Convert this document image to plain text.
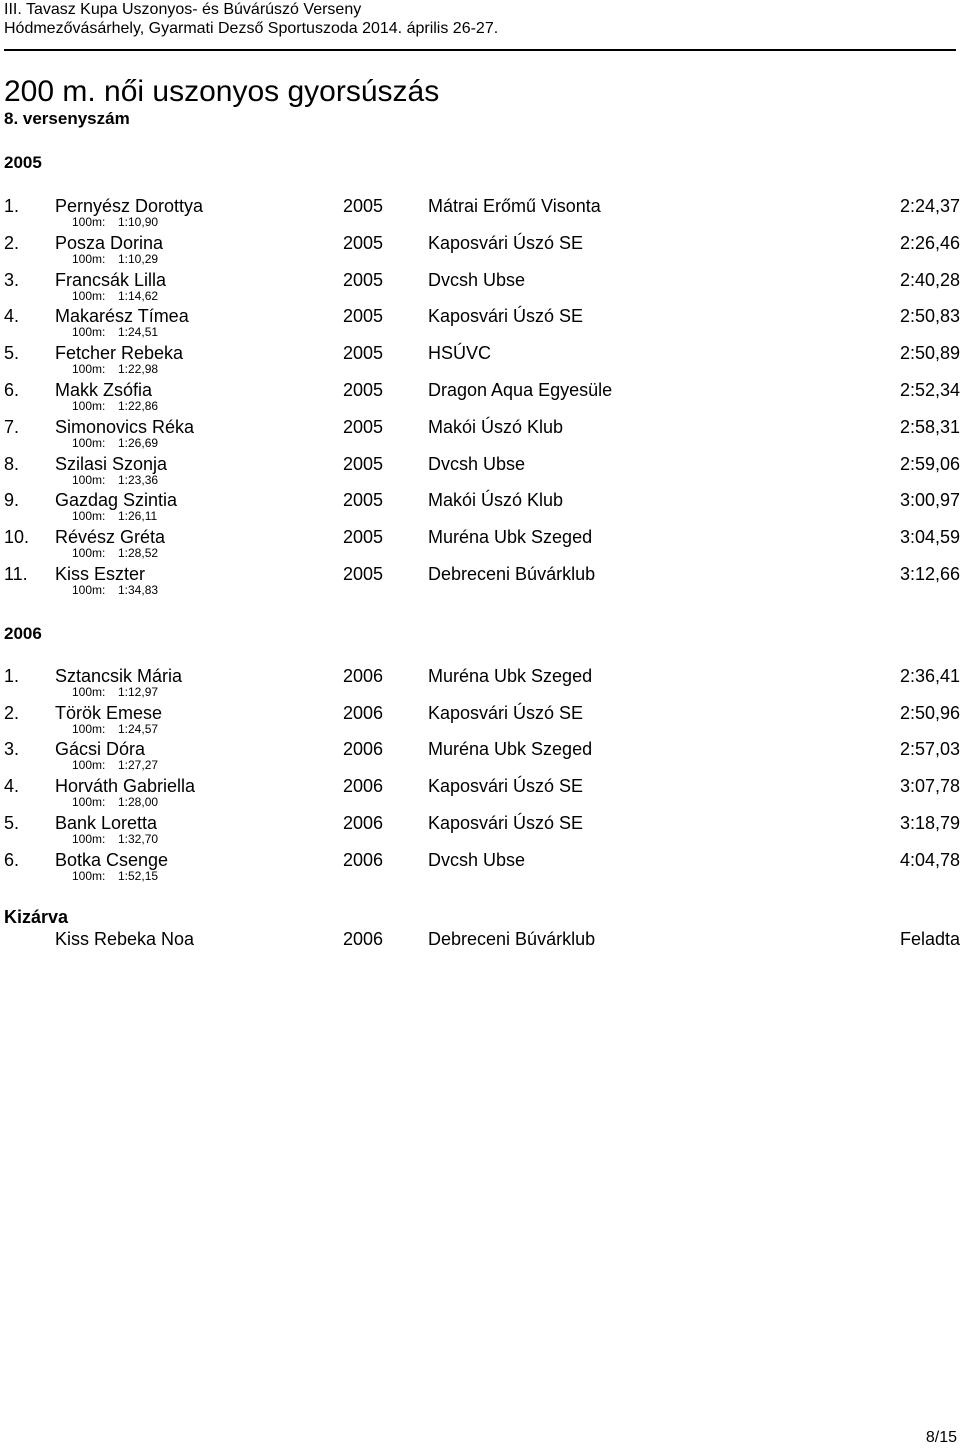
III. Tavasz Kupa Uszonyos- és Búvárúszó Verseny
Hódmezővásárhely, Gyarmati Dezső Sportuszoda 2014. április 26-27.
200 m. női uszonyos gyorsúszás
8. versenyszám
2005
1. Pernyész Dorottya	2005 Mátrai Erőmű Visonta	2:24,37
100m: 1:10,90
2. Posza Dorina	2005 Kaposvári Úszó SE	2:26,46
100m: 1:10,29
3. Francsák Lilla	2005 Dvcsh Ubse	2:40,28
100m: 1:14,62
4. Makarész Tímea	2005 Kaposvári Úszó SE	2:50,83
100m: 1:24,51
5. Fetcher Rebeka	2005 HSÚVC	2:50,89
100m: 1:22,98
6. Makk Zsófia	2005 Dragon Aqua Egyesüle	2:52,34
100m: 1:22,86
7. Simonovics Réka	2005 Makói Úszó Klub	2:58,31
100m: 1:26,69
8. Szilasi Szonja	2005 Dvcsh Ubse	2:59,06
100m: 1:23,36
9. Gazdag Szintia	2005 Makói Úszó Klub	3:00,97
100m: 1:26,11
10. Révész Gréta	2005 Muréna Ubk Szeged	3:04,59
100m: 1:28,52
11. Kiss Eszter	2005 Debreceni Búvárklub	3:12,66
100m: 1:34,83
2006
1. Sztancsik Mária	2006 Muréna Ubk Szeged	2:36,41
100m: 1:12,97
2. Török Emese	2006 Kaposvári Úszó SE	2:50,96
100m: 1:24,57
3. Gácsi Dóra	2006 Muréna Ubk Szeged	2:57,03
100m: 1:27,27
4. Horváth Gabriella	2006 Kaposvári Úszó SE	3:07,78
100m: 1:28,00
5. Bank Loretta	2006 Kaposvári Úszó SE	3:18,79
100m: 1:32,70
6. Botka Csenge	2006 Dvcsh Ubse	4:04,78
100m: 1:52,15
Kizárva
Kiss Rebeka Noa	2006 Debreceni Búvárklub	Feladta
8/15
